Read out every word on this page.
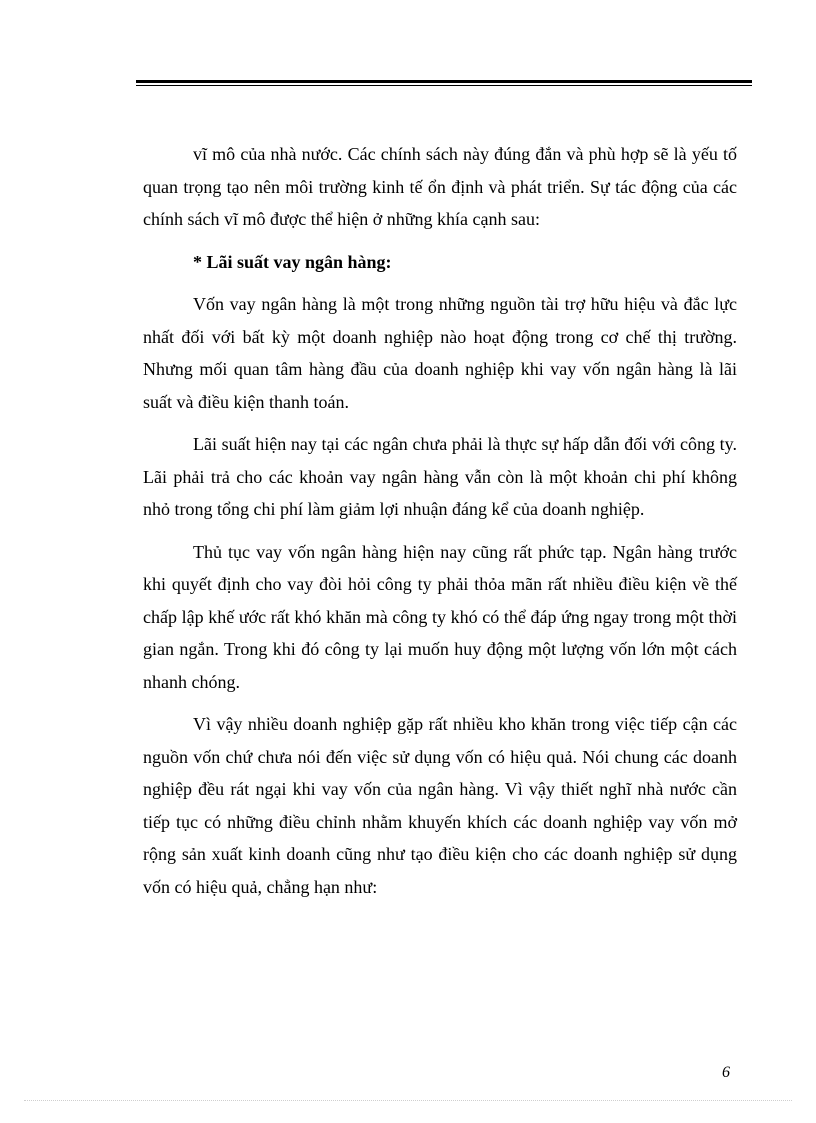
vĩ mô của nhà nước. Các chính sách này đúng đắn và phù hợp sẽ là yếu tố quan trọng tạo nên môi trường kinh tế ổn định và phát triển. Sự tác động của các chính sách vĩ mô được thể hiện ở những khía cạnh sau:

* Lãi suất vay ngân hàng:

Vốn vay ngân hàng là một trong những nguồn tài trợ hữu hiệu và đắc lực nhất đối với bất kỳ một doanh nghiệp nào hoạt động trong cơ chế thị trường. Nhưng mối quan tâm hàng đầu của doanh nghiệp khi vay vốn ngân hàng là lãi suất và điều kiện thanh toán.

Lãi suất hiện nay tại các ngân chưa phải là thực sự hấp dẫn đối với công ty. Lãi phải trả cho các khoản vay ngân hàng vẫn còn là một khoản chi phí không nhỏ trong tổng chi phí làm giảm lợi nhuận đáng kể của doanh nghiệp.

Thủ tục vay vốn ngân hàng hiện nay cũng rất phức tạp. Ngân hàng trước khi quyết định cho vay đòi hỏi công ty phải thỏa mãn rất nhiều điều kiện về thế chấp lập khế ước rất khó khăn mà công ty khó có thể đáp ứng ngay trong một thời gian ngắn. Trong khi đó công ty lại muốn huy động một lượng vốn lớn một cách nhanh chóng.

Vì vậy nhiều doanh nghiệp gặp rất nhiều kho khăn trong việc tiếp cận các nguồn vốn chứ chưa nói đến việc sử dụng vốn có hiệu quả. Nói chung các doanh nghiệp đều rát ngại khi vay vốn của ngân hàng. Vì vậy thiết nghĩ nhà nước cần tiếp tục có những điều chỉnh nhằm khuyến khích các doanh nghiệp vay vốn mở rộng sản xuất kinh doanh cũng như tạo điều kiện cho các doanh nghiệp sử dụng vốn có hiệu quả, chẳng hạn như:

6
